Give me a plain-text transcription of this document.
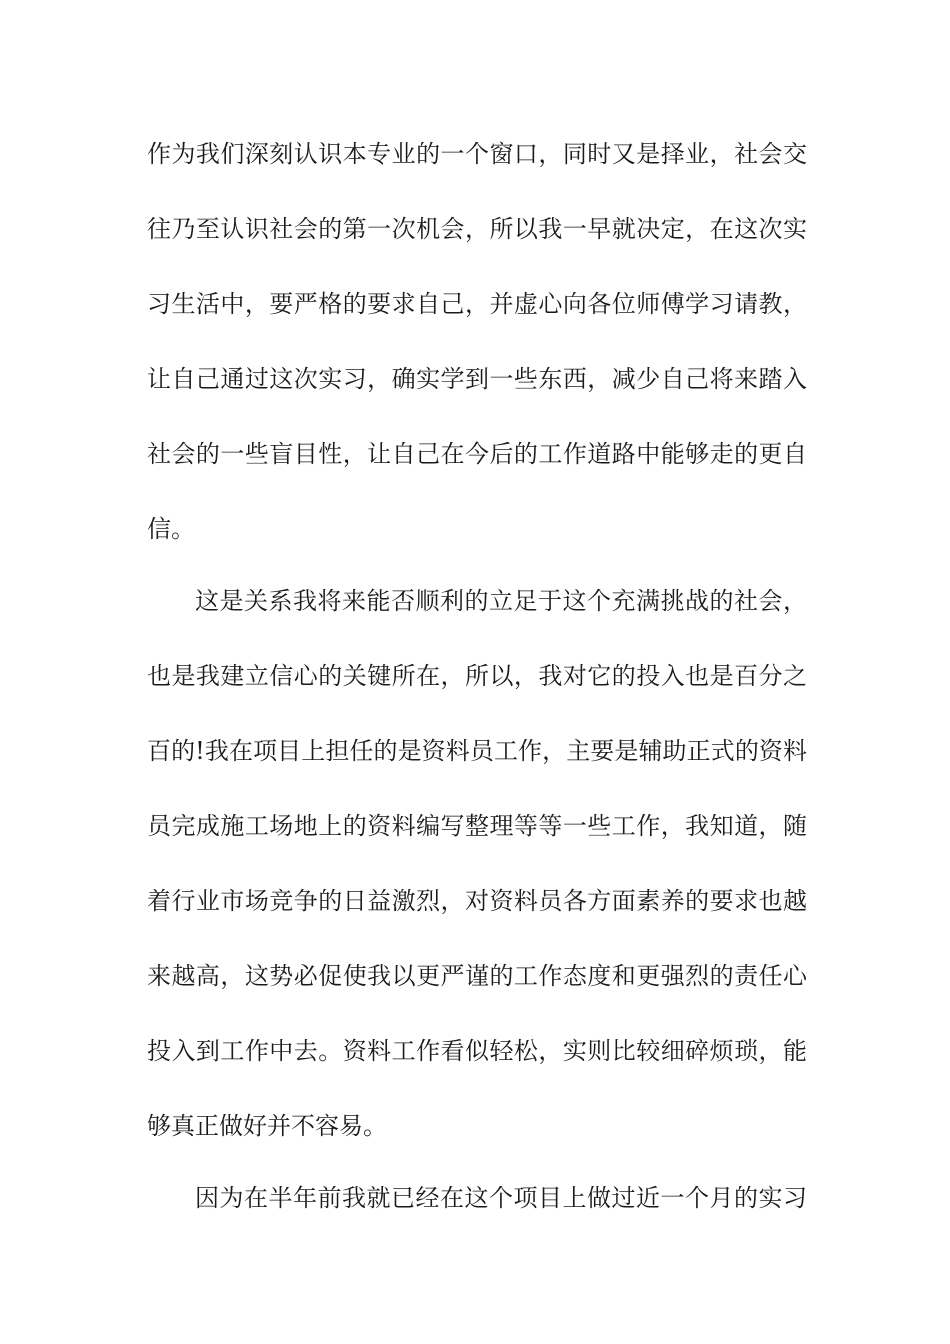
作为我们深刻认识本专业的一个窗口，同时又是择业，社会交
往乃至认识社会的第一次机会，所以我一早就决定，在这次实
习生活中，要严格的要求自己，并虚心向各位师傅学习请教，
让自己通过这次实习，确实学到一些东西，减少自己将来踏入
社会的一些盲目性，让自己在今后的工作道路中能够走的更自
信。
这是关系我将来能否顺利的立足于这个充满挑战的社会，
也是我建立信心的关键所在，所以，我对它的投入也是百分之
百的!我在项目上担任的是资料员工作，主要是辅助正式的资料
员完成施工场地上的资料编写整理等等一些工作，我知道，随
着行业市场竞争的日益激烈，对资料员各方面素养的要求也越
来越高，这势必促使我以更严谨的工作态度和更强烈的责任心
投入到工作中去。资料工作看似轻松，实则比较细碎烦琐，能
够真正做好并不容易。
因为在半年前我就已经在这个项目上做过近一个月的实习
